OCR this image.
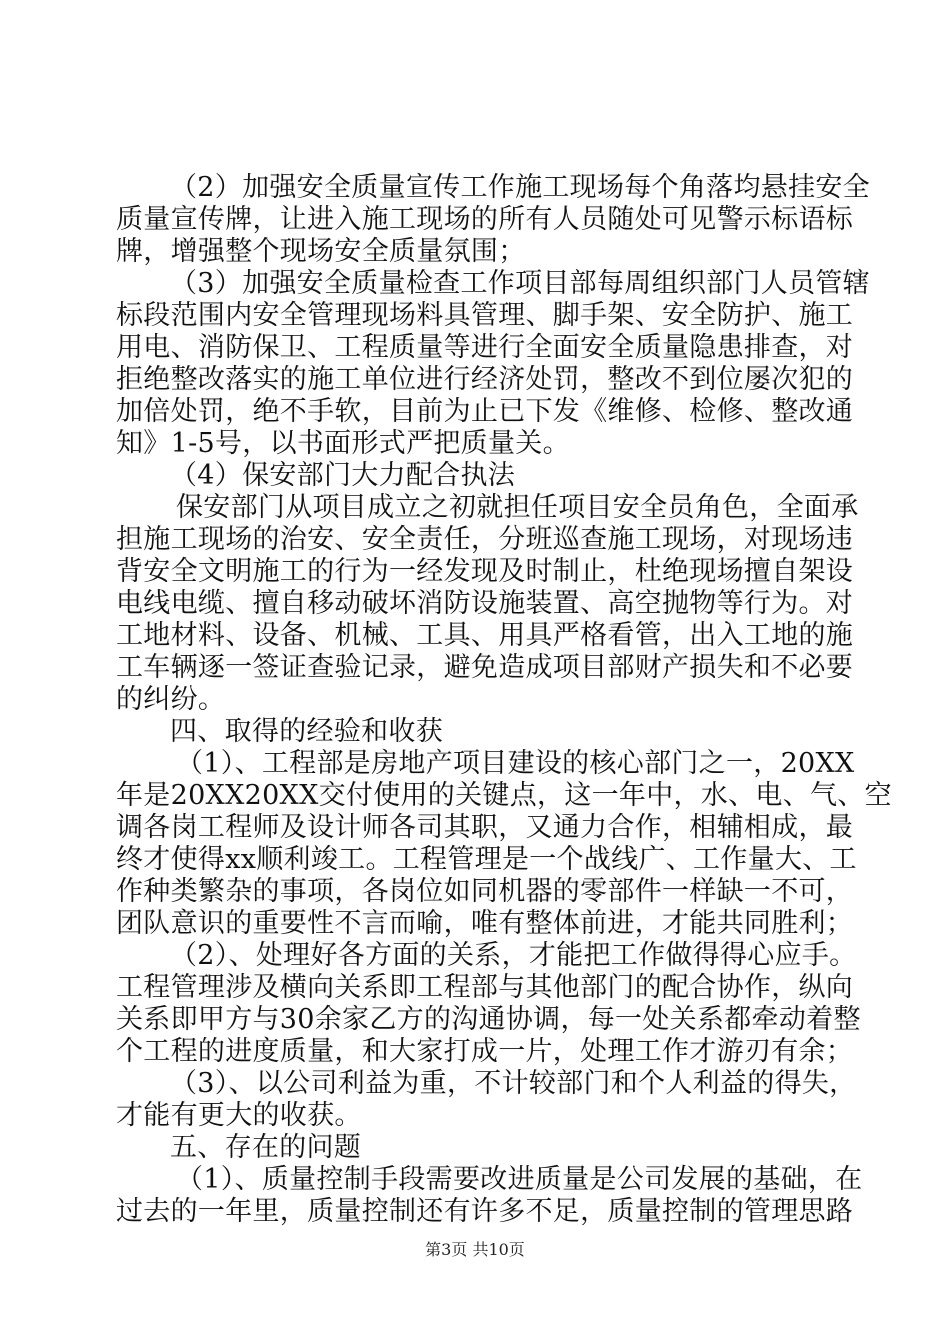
（2）加强安全质量宣传工作施工现场每个角落均悬挂安全
质量宣传牌，让进入施工现场的所有人员随处可见警示标语标
牌，增强整个现场安全质量氛围；
（3）加强安全质量检查工作项目部每周组织部门人员管辖
标段范围内安全管理现场料具管理、脚手架、安全防护、施工
用电、消防保卫、工程质量等进行全面安全质量隐患排查，对
拒绝整改落实的施工单位进行经济处罚，整改不到位屡次犯的
加倍处罚，绝不手软，目前为止已下发《维修、检修、整改通
知》1-5号，以书面形式严把质量关。
（4）保安部门大力配合执法
保安部门从项目成立之初就担任项目安全员角色，全面承
担施工现场的治安、安全责任，分班巡查施工现场，对现场违
背安全文明施工的行为一经发现及时制止，杜绝现场擅自架设
电线电缆、擅自移动破坏消防设施装置、高空抛物等行为。对
工地材料、设备、机械、工具、用具严格看管，出入工地的施
工车辆逐一签证查验记录，避免造成项目部财产损失和不必要
的纠纷。
四、取得的经验和收获
（1）、工程部是房地产项目建设的核心部门之一，20XX
年是20XX20XX交付使用的关键点，这一年中，水、电、气、空
调各岗工程师及设计师各司其职，又通力合作，相辅相成，最
终才使得xx顺利竣工。工程管理是一个战线广、工作量大、工
作种类繁杂的事项，各岗位如同机器的零部件一样缺一不可，
团队意识的重要性不言而喻，唯有整体前进，才能共同胜利；
（2）、处理好各方面的关系，才能把工作做得得心应手。
工程管理涉及横向关系即工程部与其他部门的配合协作，纵向
关系即甲方与30余家乙方的沟通协调，每一处关系都牵动着整
个工程的进度质量，和大家打成一片，处理工作才游刃有余；
（3）、以公司利益为重，不计较部门和个人利益的得失，
才能有更大的收获。
五、存在的问题
（1）、质量控制手段需要改进质量是公司发展的基础，在
过去的一年里，质量控制还有许多不足，质量控制的管理思路
第3页 共10页
